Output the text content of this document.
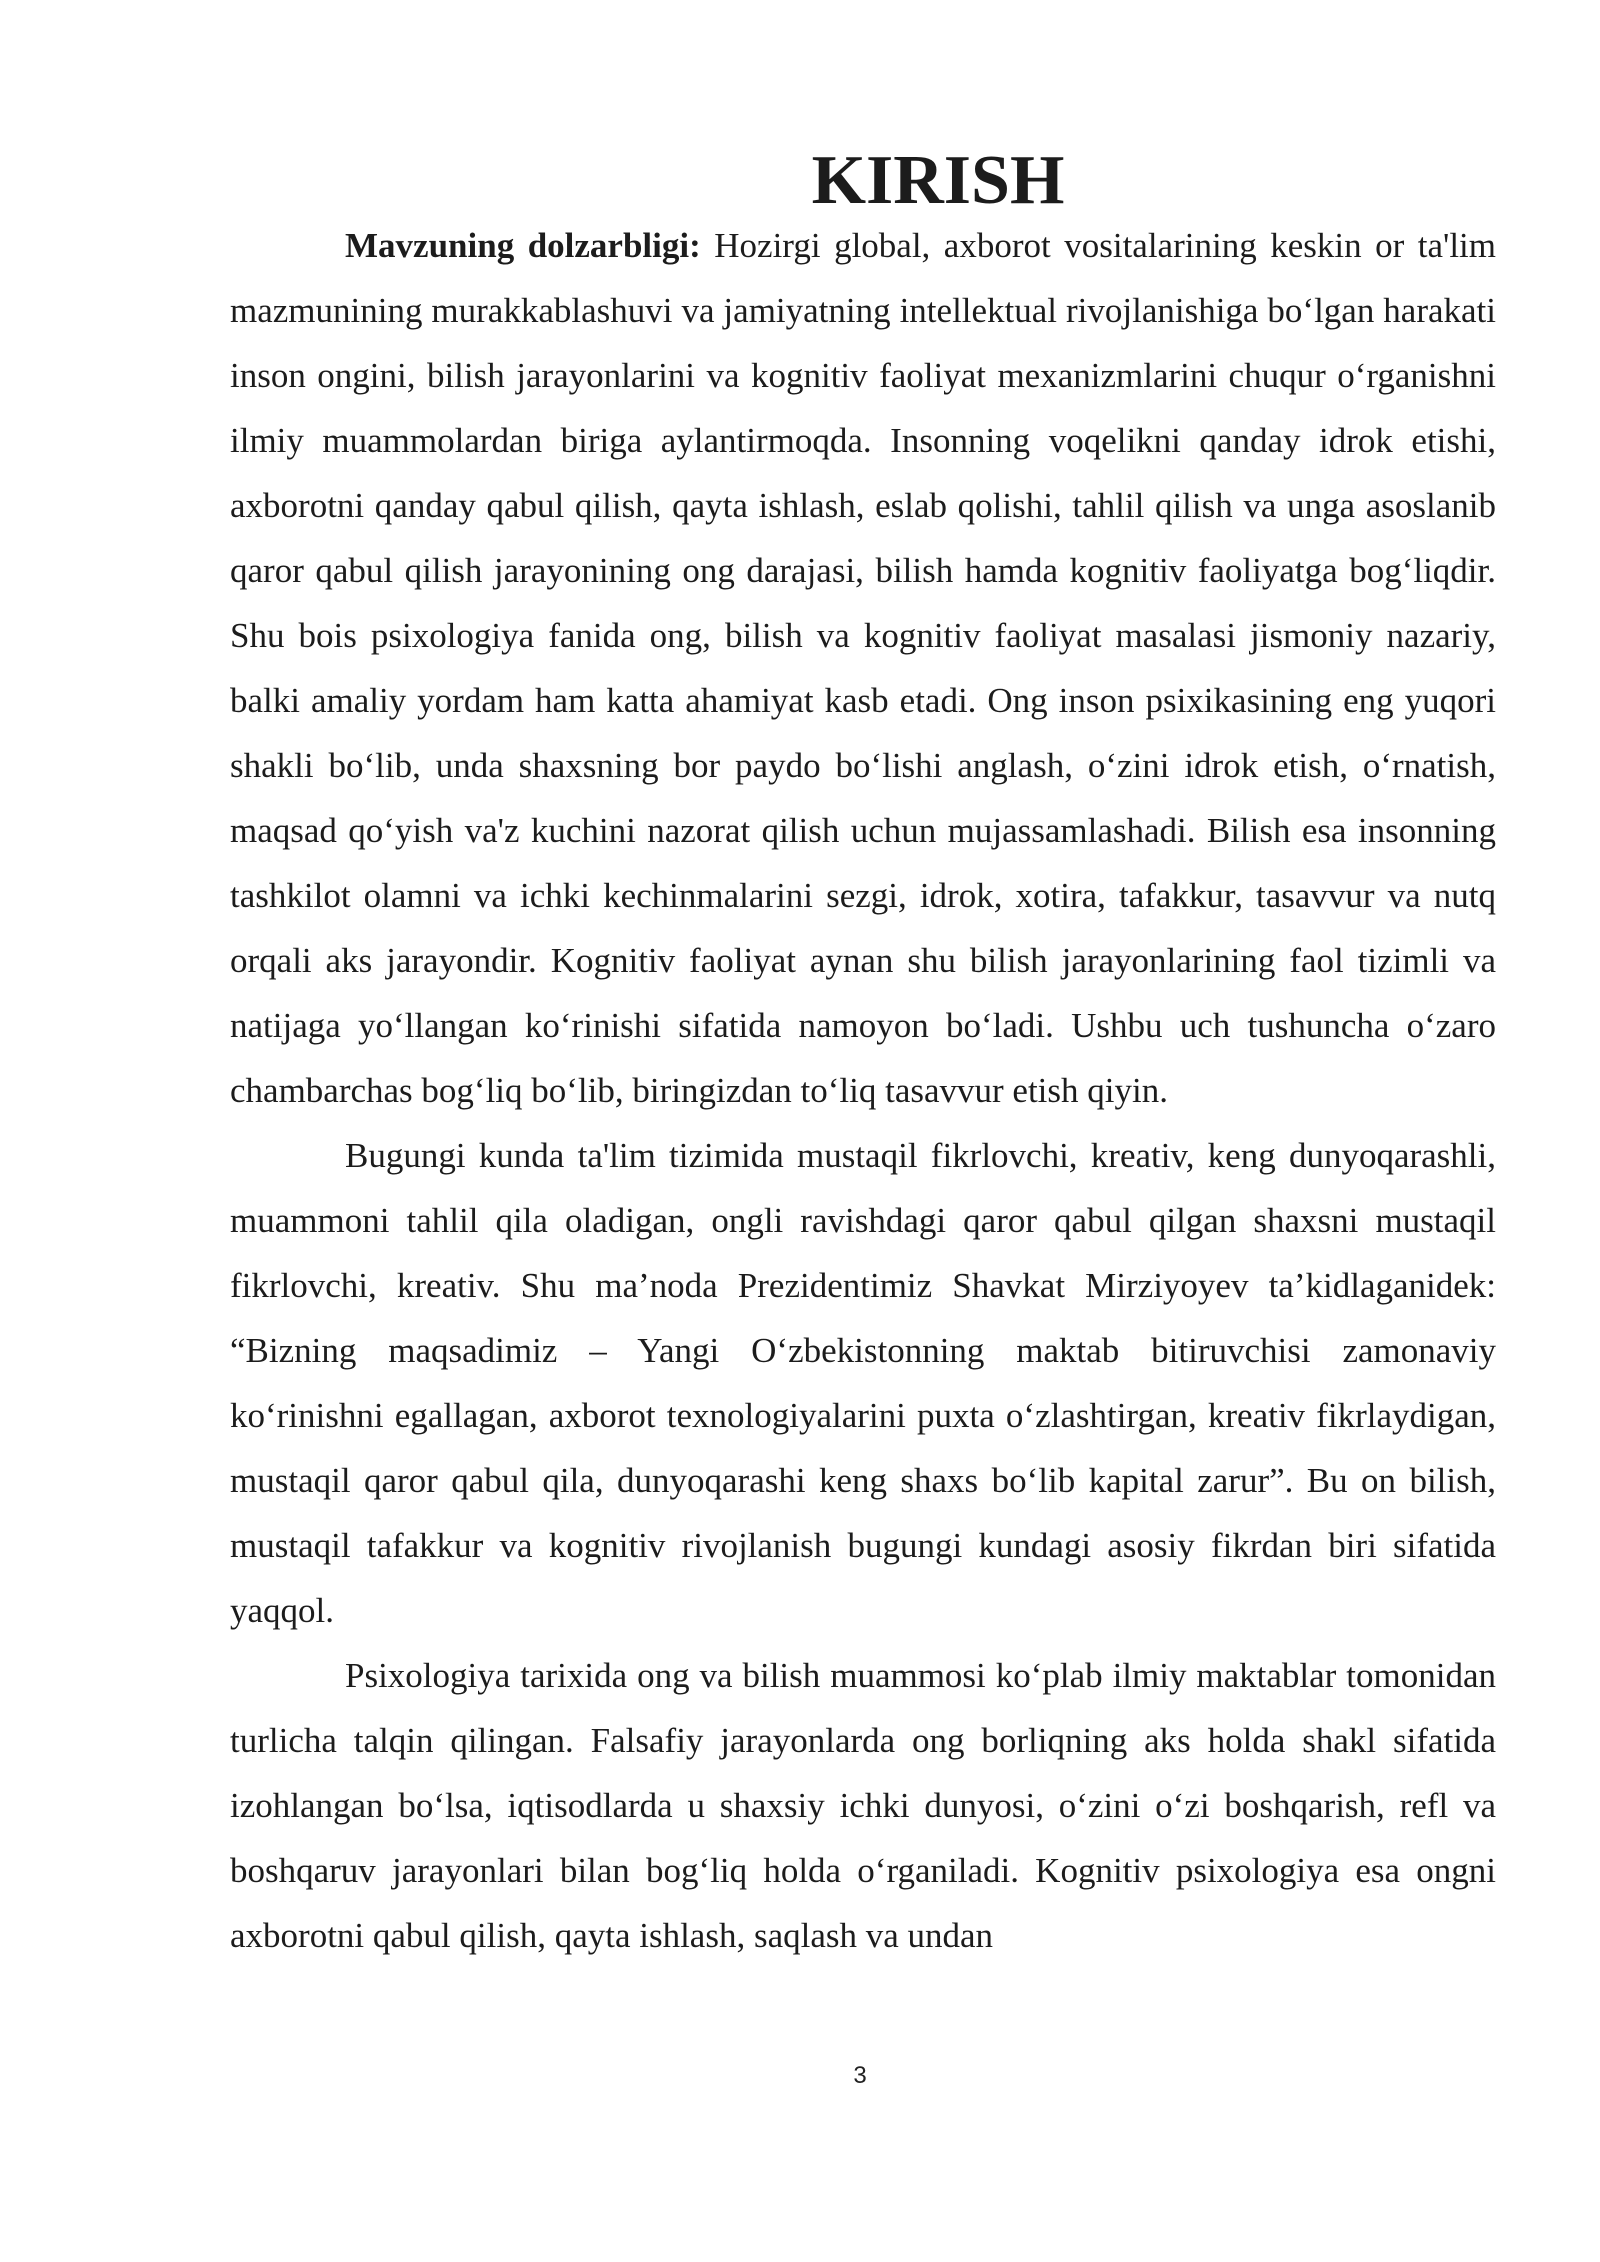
KIRISH

Mavzuning dolzarbligi: Hozirgi global, axborot vositalarining keskin or ta'lim mazmunining murakkablashuvi va jamiyatning intellektual rivojlanishiga bo‘lgan harakati inson ongini, bilish jarayonlarini va kognitiv faoliyat mexanizmlarini chuqur o‘rganishni ilmiy muammolardan biriga aylantirmoqda. Insonning voqelikni qanday idrok etishi, axborotni qanday qabul qilish, qayta ishlash, eslab qolishi, tahlil qilish va unga asoslanib qaror qabul qilish jarayonining ong darajasi, bilish hamda kognitiv faoliyatga bog‘liqdir. Shu bois psixologiya fanida ong, bilish va kognitiv faoliyat masalasi jismoniy nazariy, balki amaliy yordam ham katta ahamiyat kasb etadi. Ong inson psixikasining eng yuqori shakli bo‘lib, unda shaxsning bor paydo bo‘lishi anglash, o‘zini idrok etish, o‘rnatish, maqsad qo‘yish va'z kuchini nazorat qilish uchun mujassamlashadi. Bilish esa insonning tashkilot olamni va ichki kechinmalarini sezgi, idrok, xotira, tafakkur, tasavvur va nutq orqali aks jarayondir. Kognitiv faoliyat aynan shu bilish jarayonlarining faol tizimli va natijaga yo‘llangan ko‘rinishi sifatida namoyon bo‘ladi. Ushbu uch tushuncha o‘zaro chambarchas bog‘liq bo‘lib, biringizdan to‘liq tasavvur etish qiyin.

Bugungi kunda ta'lim tizimida mustaqil fikrlovchi, kreativ, keng dunyoqarashli, muammoni tahlil qila oladigan, ongli ravishdagi qaror qabul qilgan shaxsni mustaqil fikrlovchi, kreativ. Shu ma’noda Prezidentimiz Shavkat Mirziyoyev ta’kidlaganidek: “Bizning maqsadimiz – Yangi O‘zbekistonning maktab bitiruvchisi zamonaviy ko‘rinishni egallagan, axborot texnologiyalarini puxta o‘zlashtirgan, kreativ fikrlaydigan, mustaqil qaror qabul qila, dunyoqarashi keng shaxs bo‘lib kapital zarur”. Bu on bilish, mustaqil tafakkur va kognitiv rivojlanish bugungi kundagi asosiy fikrdan biri sifatida yaqqol.

Psixologiya tarixida ong va bilish muammosi ko‘plab ilmiy maktablar tomonidan turlicha talqin qilingan. Falsafiy jarayonlarda ong borliqning aks holda shakl sifatida izohlangan bo‘lsa, iqtisodlarda u shaxsiy ichki dunyosi, o‘zini o‘zi boshqarish, refl va boshqaruv jarayonlari bilan bog‘liq holda o‘rganiladi. Kognitiv psixologiya esa ongni axborotni qabul qilish, qayta ishlash, saqlash va undan

3
